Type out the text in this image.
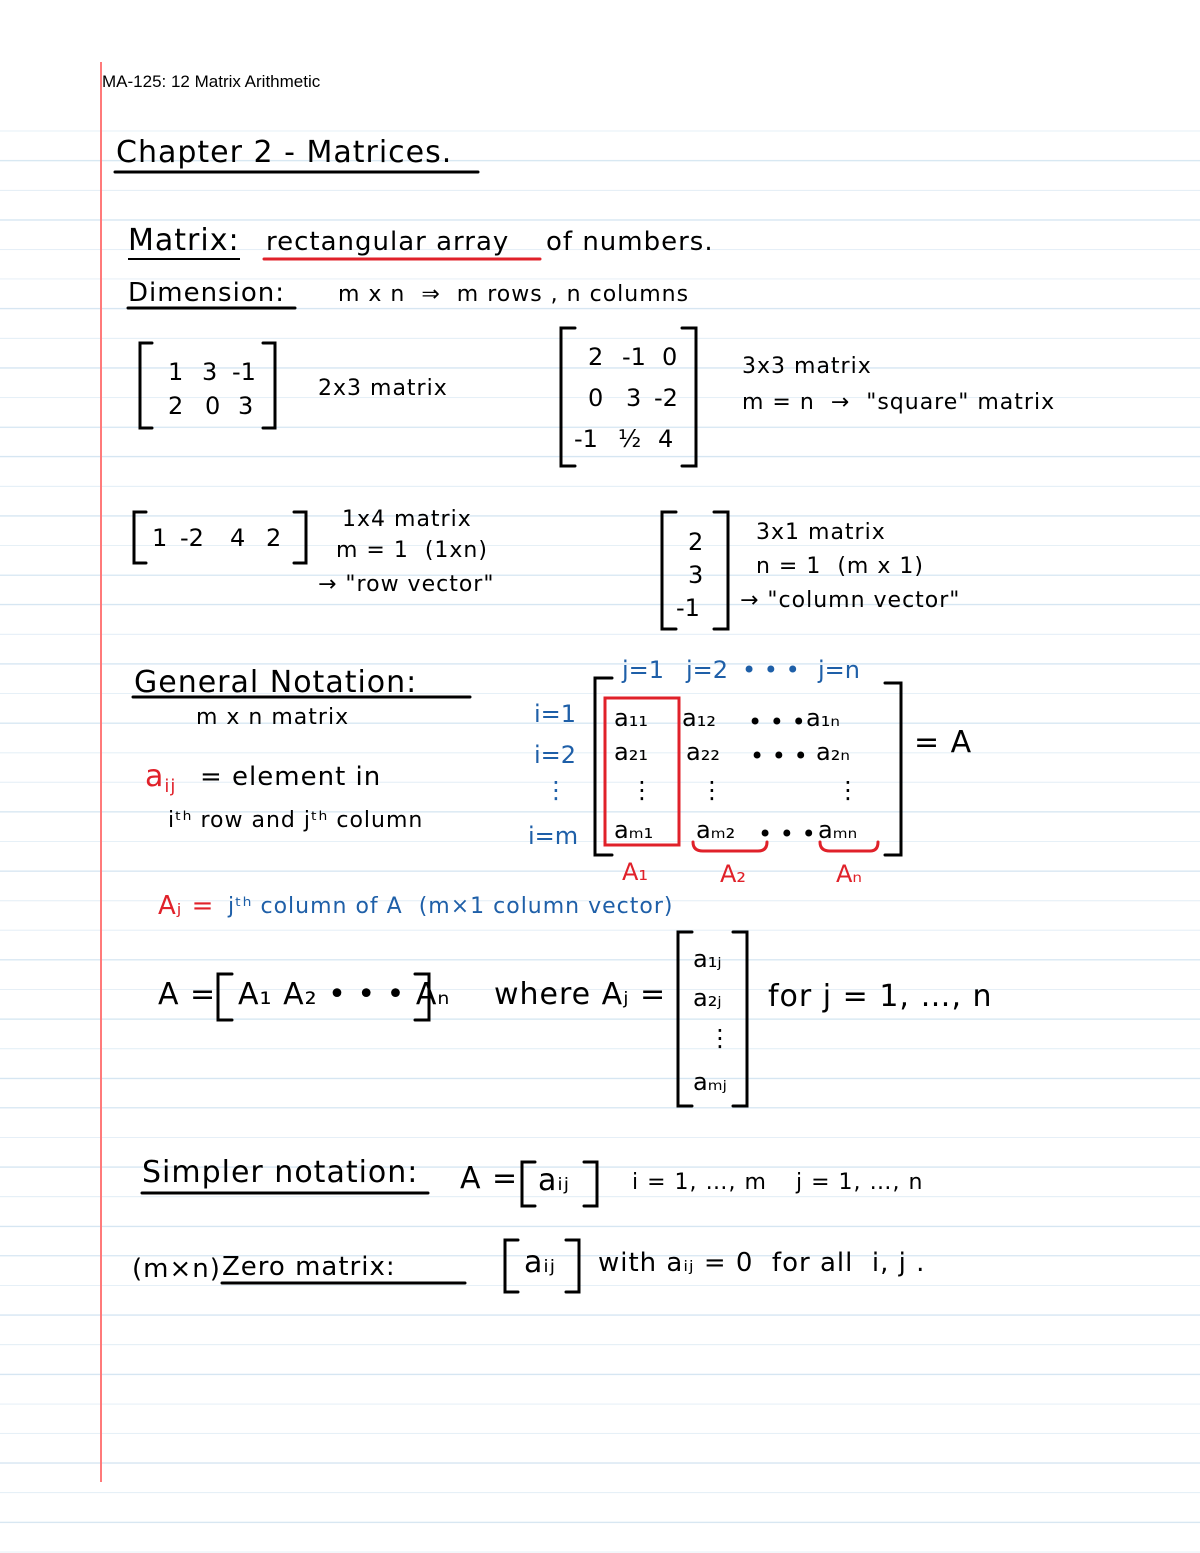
MA-125: 12 Matrix Arithmetic
Chapter 2 - Matrices.
Matrix: rectangular array of numbers.
Dimension: m x n  ⇒  m rows , n columns
1 3 -1
2 0 3
2x3 matrix
2 -1 0
0 3 -2
-1 ½ 4
3x3 matrix
m = n  →  "square" matrix
1 -2 4 2
1x4 matrix
m = 1  (1xn)
→ "row vector"
2
3
-1
3x1 matrix
n = 1  (m x 1)
→ "column vector"
General Notation:
m x n matrix
$a_{ij}$ = element in
iᵗʰ row and jᵗʰ column
j=1 j=2 • • • j=n
i=1
i=2
⋮
i=m
a₁₁ a₁₂ • • • a₁ₙ
a₂₁ a₂₂ • • • a₂ₙ
⋮ ⋮	⋮
aₘ₁ aₘ₂ • • • aₘₙ
= A
A₁	A₂	Aₙ
Aⱼ = jᵗʰ column of A  (m×1 column vector)
A = A₁ A₂ • • • Aₙ where Aⱼ =
a₁ⱼ
a₂ⱼ
⋮
aₘⱼ
for j = 1, …, n
Simpler notation: A = aᵢⱼ	i = 1, …, m j = 1, …, n
(m×n) Zero matrix:	aᵢⱼ with aᵢⱼ = 0  for all  i, j .
